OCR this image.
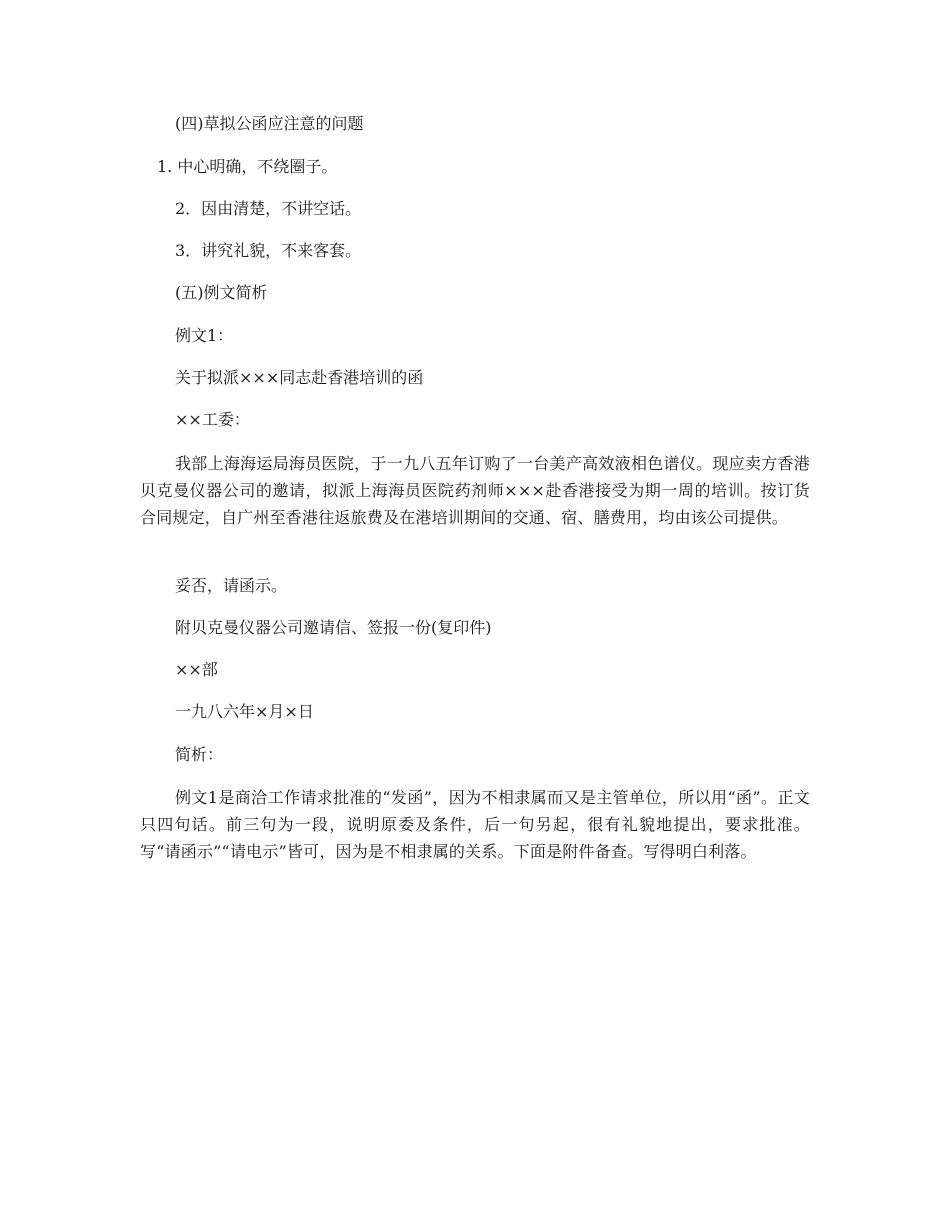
(四)草拟公函应注意的问题
1. 中心明确，不绕圈子。
2．因由清楚，不讲空话。
3．讲究礼貌，不来客套。
(五)例文简析
例文1：
关于拟派×××同志赴香港培训的函
××工委：
我部上海海运局海员医院，于一九八五年订购了一台美产高效液相色谱仪。现应卖方香港贝克曼仪器公司的邀请，拟派上海海员医院药剂师×××赴香港接受为期一周的培训。按订货合同规定，自广州至香港往返旅费及在港培训期间的交通、宿、膳费用，均由该公司提供。
妥否，请函示。
附贝克曼仪器公司邀请信、签报一份(复印件)
××部
一九八六年×月×日
简析：
例文1是商洽工作请求批准的“发函”，因为不相隶属而又是主管单位，所以用“函”。正文只四句话。前三句为一段，说明原委及条件，后一句另起，很有礼貌地提出，要求批准。写“请函示”“请电示”皆可，因为是不相隶属的关系。下面是附件备查。写得明白利落。
